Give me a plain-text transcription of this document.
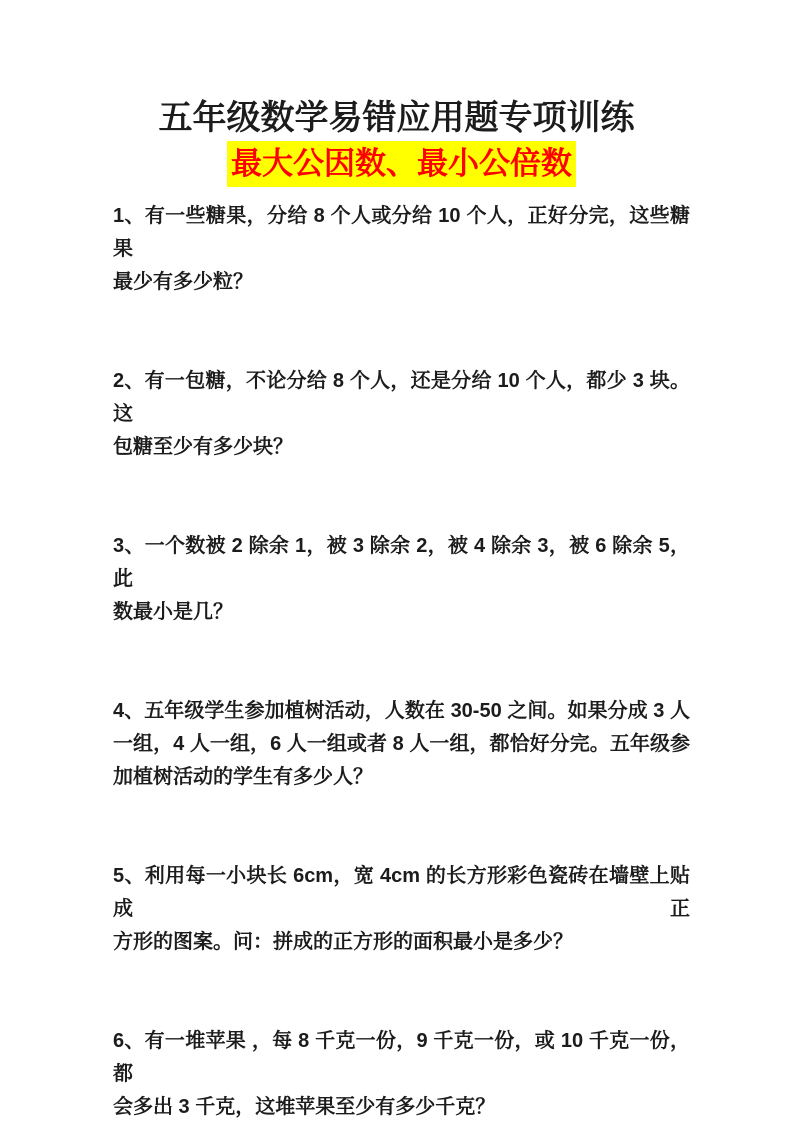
五年级数学易错应用题专项训练
最大公因数、最小公倍数
1、有一些糖果，分给 8 个人或分给 10 个人，正好分完，这些糖果
最少有多少粒？
2、有一包糖，不论分给 8 个人，还是分给 10 个人，都少 3 块。这
包糖至少有多少块？
3、一个数被 2 除余 1，被 3 除余 2，被 4 除余 3，被 6 除余 5，此
数最小是几？
4、五年级学生参加植树活动，人数在 30-50 之间。如果分成 3 人
一组，4 人一组，6 人一组或者 8 人一组，都恰好分完。五年级参
加植树活动的学生有多少人？
5、利用每一小块长 6cm，宽 4cm 的长方形彩色瓷砖在墙壁上贴成正
方形的图案。问：拼成的正方形的面积最小是多少？
6、有一堆苹果 ，每 8 千克一份，9 千克一份，或 10 千克一份，都
会多出 3 千克，这堆苹果至少有多少千克？
